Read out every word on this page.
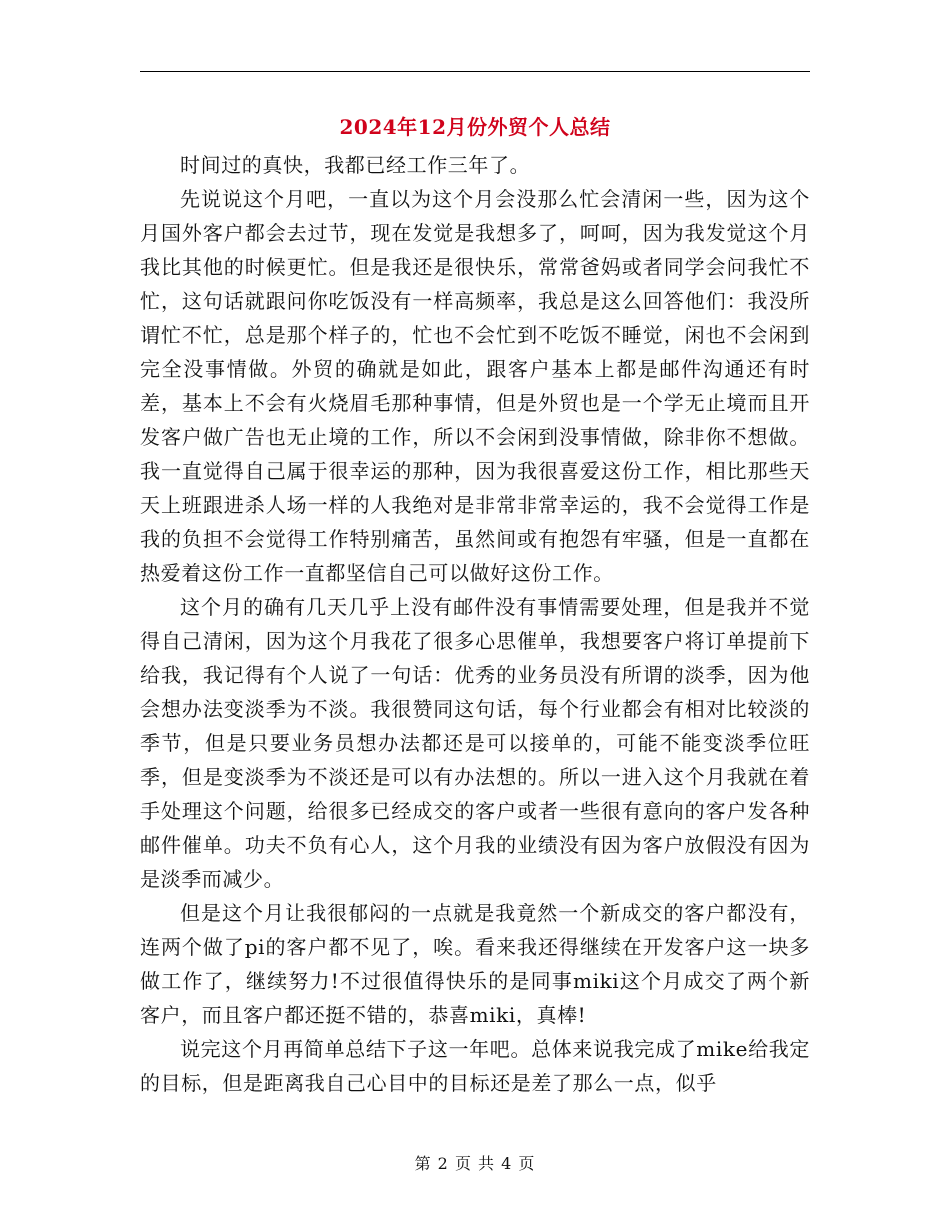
2024年12月份外贸个人总结

时间过的真快，我都已经工作三年了。

先说说这个月吧，一直以为这个月会没那么忙会清闲一些，因为这个月国外客户都会去过节，现在发觉是我想多了，呵呵，因为我发觉这个月我比其他的时候更忙。但是我还是很快乐，常常爸妈或者同学会问我忙不忙，这句话就跟问你吃饭没有一样高频率，我总是这么回答他们：我没所谓忙不忙，总是那个样子的，忙也不会忙到不吃饭不睡觉，闲也不会闲到完全没事情做。外贸的确就是如此，跟客户基本上都是邮件沟通还有时差，基本上不会有火烧眉毛那种事情，但是外贸也是一个学无止境而且开发客户做广告也无止境的工作，所以不会闲到没事情做，除非你不想做。我一直觉得自己属于很幸运的那种，因为我很喜爱这份工作，相比那些天天上班跟进杀人场一样的人我绝对是非常非常幸运的，我不会觉得工作是我的负担不会觉得工作特别痛苦，虽然间或有抱怨有牢骚，但是一直都在热爱着这份工作一直都坚信自己可以做好这份工作。

这个月的确有几天几乎上没有邮件没有事情需要处理，但是我并不觉得自己清闲，因为这个月我花了很多心思催单，我想要客户将订单提前下给我，我记得有个人说了一句话：优秀的业务员没有所谓的淡季，因为他会想办法变淡季为不淡。我很赞同这句话，每个行业都会有相对比较淡的季节，但是只要业务员想办法都还是可以接单的，可能不能变淡季位旺季，但是变淡季为不淡还是可以有办法想的。所以一进入这个月我就在着手处理这个问题，给很多已经成交的客户或者一些很有意向的客户发各种邮件催单。功夫不负有心人，这个月我的业绩没有因为客户放假没有因为是淡季而减少。

但是这个月让我很郁闷的一点就是我竟然一个新成交的客户都没有，连两个做了pi的客户都不见了，唉。看来我还得继续在开发客户这一块多做工作了，继续努力!不过很值得快乐的是同事miki这个月成交了两个新客户，而且客户都还挺不错的，恭喜miki，真棒!

说完这个月再简单总结下子这一年吧。总体来说我完成了mike给我定的目标，但是距离我自己心目中的目标还是差了那么一点，似乎

第 2 页 共 4 页
